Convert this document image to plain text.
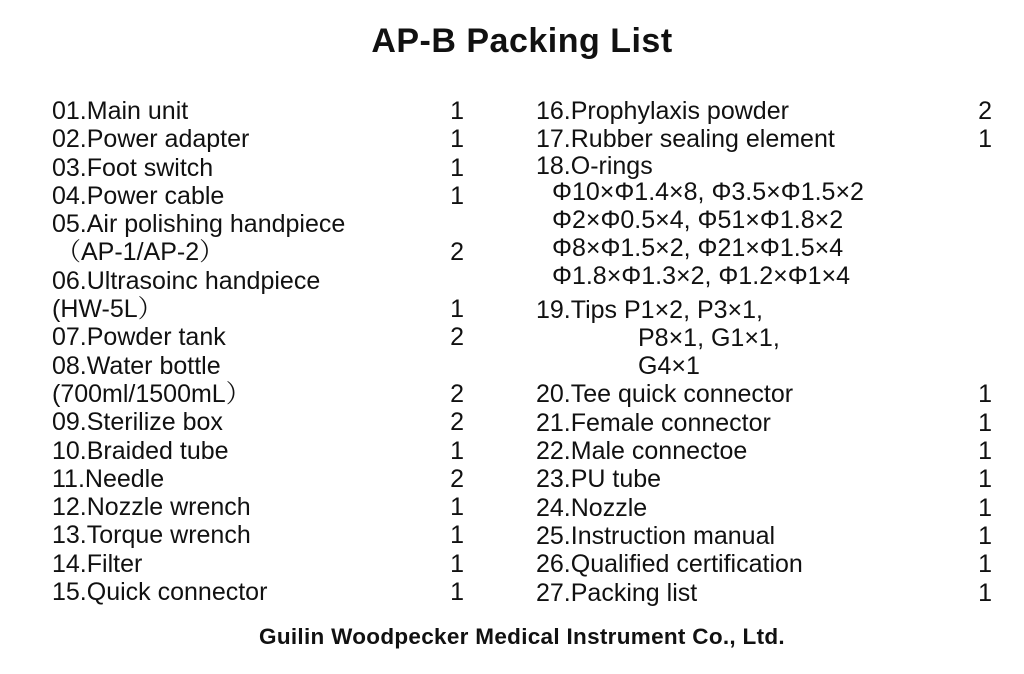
AP-B Packing List
01.Main unit	1
02.Power adapter	1
03.Foot switch	1
04.Power cable	1
05.Air polishing handpiece
（AP-1/AP-2）	2
06.Ultrasoinc handpiece
(HW-5L）	1
07.Powder tank	2
08.Water bottle
(700ml/1500mL）	2
09.Sterilize box	2
10.Braided tube	1
11.Needle	2
12.Nozzle wrench	1
13.Torque wrench	1
14.Filter	1
15.Quick connector	1
16.Prophylaxis powder	2
17.Rubber sealing element	1
18.O-rings
Φ10×Φ1.4×8, Φ3.5×Φ1.5×2
Φ2×Φ0.5×4, Φ51×Φ1.8×2
Φ8×Φ1.5×2, Φ21×Φ1.5×4
Φ1.8×Φ1.3×2, Φ1.2×Φ1×4
19.Tips P1×2, P3×1,
P8×1, G1×1,
G4×1
20.Tee quick connector	1
21.Female connector	1
22.Male connectoe	1
23.PU tube	1
24.Nozzle	1
25.Instruction manual	1
26.Qualified certification	1
27.Packing list	1
Guilin Woodpecker Medical Instrument Co., Ltd.
